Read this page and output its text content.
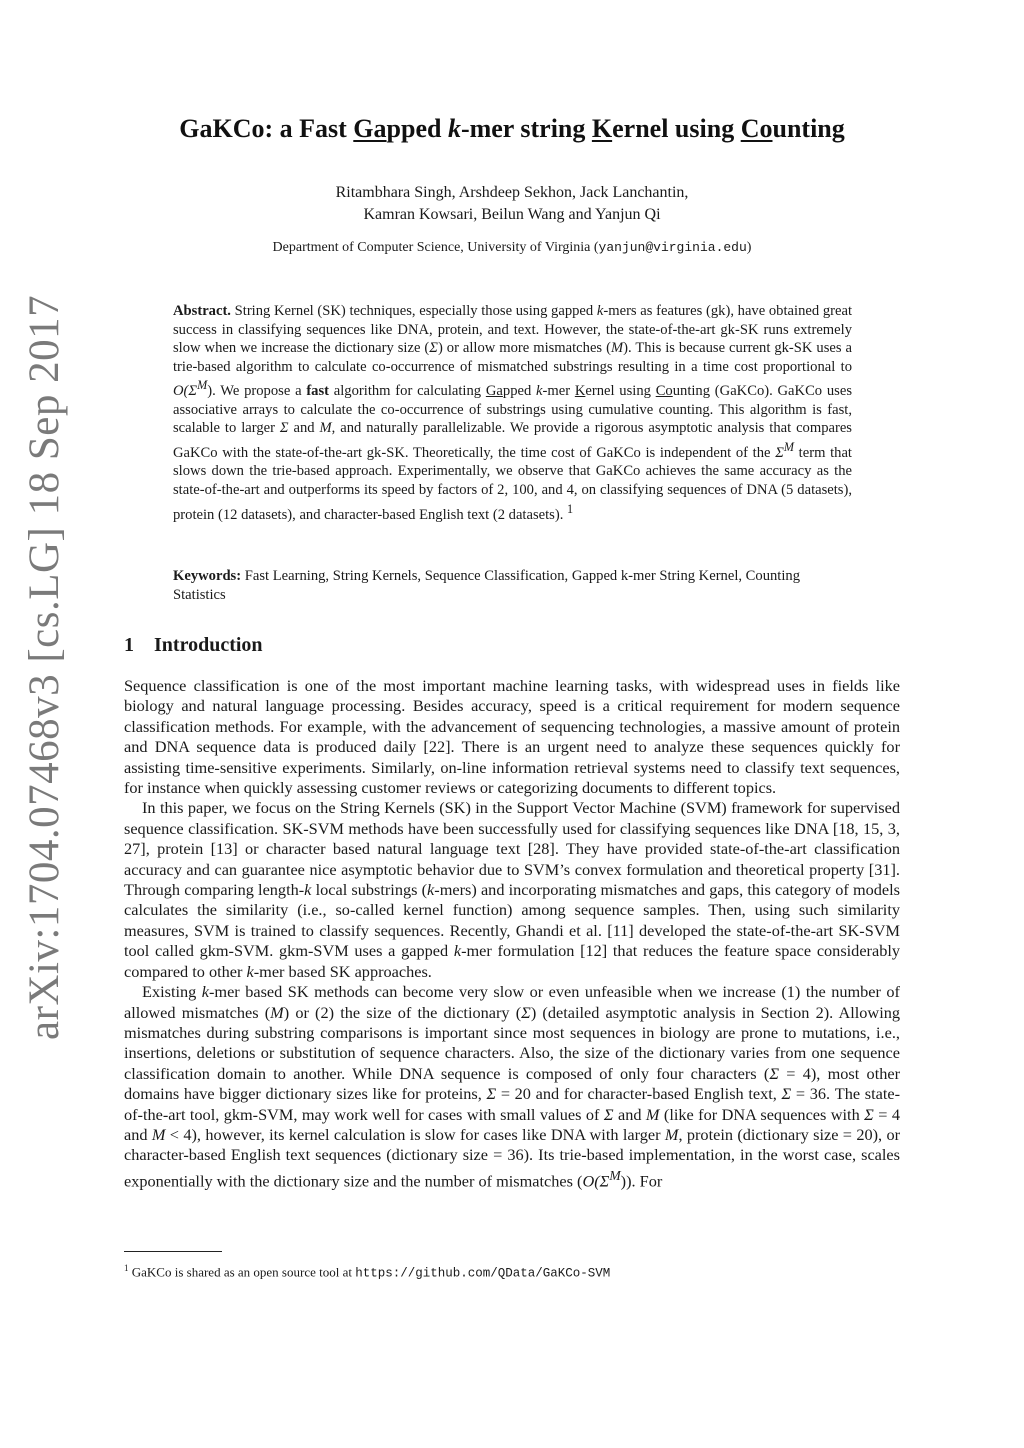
arXiv:1704.07468v3 [cs.LG] 18 Sep 2017
GaKCo: a Fast Gapped k-mer string Kernel using Counting
Ritambhara Singh, Arshdeep Sekhon, Jack Lanchantin,
Kamran Kowsari, Beilun Wang and Yanjun Qi
Department of Computer Science, University of Virginia (yanjun@virginia.edu)
Abstract. String Kernel (SK) techniques, especially those using gapped k-mers as features (gk), have obtained great success in classifying sequences like DNA, protein, and text. However, the state-of-the-art gk-SK runs extremely slow when we increase the dictionary size (Σ) or allow more mismatches (M). This is because current gk-SK uses a trie-based algorithm to calculate co-occurrence of mismatched substrings resulting in a time cost proportional to $O(\Sigma^M)$. We propose a fast algorithm for calculating Gapped k-mer Kernel using Counting (GaKCo). GaKCo uses associative arrays to calculate the co-occurrence of substrings using cumulative counting. This algorithm is fast, scalable to larger Σ and M, and naturally parallelizable. We provide a rigorous asymptotic analysis that compares GaKCo with the state-of-the-art gk-SK. Theoretically, the time cost of GaKCo is independent of the $\Sigma^M$ term that slows down the trie-based approach. Experimentally, we observe that GaKCo achieves the same accuracy as the state-of-the-art and outperforms its speed by factors of 2, 100, and 4, on classifying sequences of DNA (5 datasets), protein (12 datasets), and character-based English text (2 datasets). $^1$
Keywords: Fast Learning, String Kernels, Sequence Classification, Gapped k-mer String Kernel, Counting Statistics
1 Introduction

Sequence classification is one of the most important machine learning tasks, with widespread uses in fields like biology and natural language processing. Besides accuracy, speed is a critical requirement for modern sequence classification methods. For example, with the advancement of sequencing technologies, a massive amount of protein and DNA sequence data is produced daily [22]. There is an urgent need to analyze these sequences quickly for assisting time-sensitive experiments. Similarly, on-line information retrieval systems need to classify text sequences, for instance when quickly assessing customer reviews or categorizing documents to different topics.

In this paper, we focus on the String Kernels (SK) in the Support Vector Machine (SVM) framework for supervised sequence classification. SK-SVM methods have been successfully used for classifying sequences like DNA [18, 15, 3, 27], protein [13] or character based natural language text [28]. They have provided state-of-the-art classification accuracy and can guarantee nice asymptotic behavior due to SVM’s convex formulation and theoretical property [31]. Through comparing length-k local substrings (k-mers) and incorporating mismatches and gaps, this category of models calculates the similarity (i.e., so-called kernel function) among sequence samples. Then, using such similarity measures, SVM is trained to classify sequences. Recently, Ghandi et al. [11] developed the state-of-the-art SK-SVM tool called gkm-SVM. gkm-SVM uses a gapped k-mer formulation [12] that reduces the feature space considerably compared to other k-mer based SK approaches.

Existing k-mer based SK methods can become very slow or even unfeasible when we increase (1) the number of allowed mismatches (M) or (2) the size of the dictionary (Σ) (detailed asymptotic analysis in Section 2). Allowing mismatches during substring comparisons is important since most sequences in biology are prone to mutations, i.e., insertions, deletions or substitution of sequence characters. Also, the size of the dictionary varies from one sequence classification domain to another. While DNA sequence is composed of only four characters (Σ = 4), most other domains have bigger dictionary sizes like for proteins, Σ = 20 and for character-based English text, Σ = 36. The state-of-the-art tool, gkm-SVM, may work well for cases with small values of Σ and M (like for DNA sequences with Σ = 4 and M < 4), however, its kernel calculation is slow for cases like DNA with larger M, protein (dictionary size = 20), or character-based English text sequences (dictionary size = 36). Its trie-based implementation, in the worst case, scales exponentially with the dictionary size and the number of mismatches $(O(\Sigma^M))$. For

$^1$ GaKCo is shared as an open source tool at https://github.com/QData/GaKCo-SVM
